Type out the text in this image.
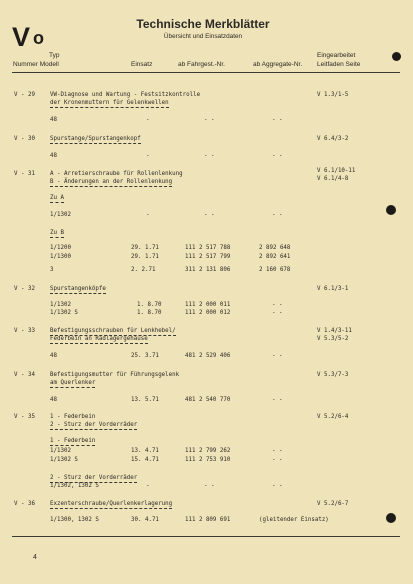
Vo
Technische Merkblätter
Übersicht und Einsatzdaten
Typ
Nummer Modell	Einsatz	ab Fahrgest.-Nr.	ab Aggregate-Nr.
Eingearbeitet
Leitfaden Seite
V - 29	VW-Diagnose und Wartung - Festsitzkontrolle
der Kronenmuttern für Gelenkwellen
V 1.3/1-5
48	-	- -	- -
V - 30	Spurstange/Spurstangenkopf	V 6.4/3-2
48	-	- -	- -
V - 31	A - Arretierschraube für Rollenlenkung
B - Änderungen an der Rollenlenkung
V 6.1/10-11
V 6.1/4-8
Zu A
1/1302	-	- -	- -
Zu B
1/1200	29. 1.71	111 2 517 788	2 892 648
1/1300	29. 1.71	111 2 517 799	2 892 641
3	2. 2.71	311 2 131 806	2 160 678
V - 32	Spurstangenköpfe	V 6.1/3-1
1/1302	1. 8.70	111 2 000 011	- -
1/1302 S	1. 8.70	111 2 000 012	- -
V - 33	Befestigungsschrauben für Lenkhebel/
Federbein an Radlagergehäuse
V 1.4/3-11
V 5.3/5-2
48	25. 3.71	481 2 529 406	- -
V - 34	Befestigungsmutter für Führungsgelenk
am Querlenker
V 5.3/7-3
48	13. 5.71	481 2 540 770	- -
V - 35	1 - Federbein
2 - Sturz der Vorderräder
V 5.2/6-4
1 - Federbein
1/1302	13. 4.71	111 2 799 262	- -
1/1302 S	15. 4.71	111 2 753 910	- -
2 - Sturz der Vorderräder
1/1302, 1302 S	-	- -	- -
V - 36	Exzenterschraube/Querlenkerlagerung	V 5.2/6-7
1/1300, 1302 S	30. 4.71	111 2 809 691	(gleitender Einsatz)
4
